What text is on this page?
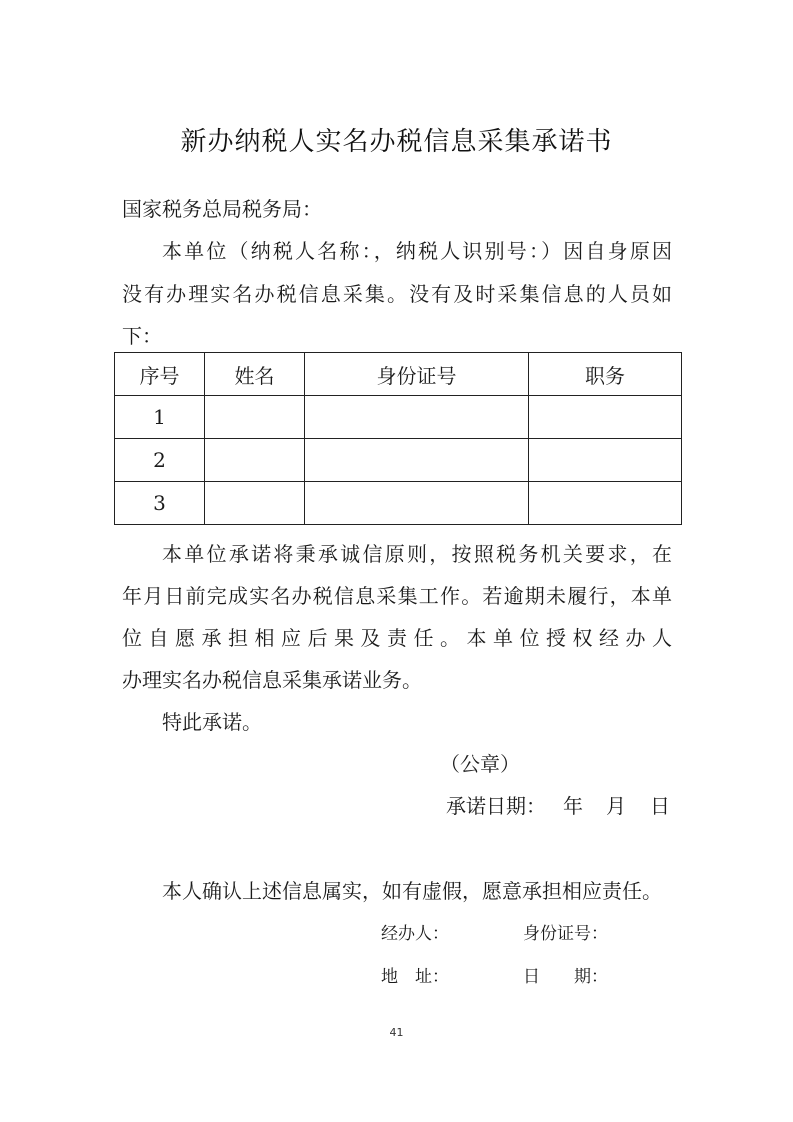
新办纳税人实名办税信息采集承诺书
国家税务总局税务局：
本单位（纳税人名称：，纳税人识别号：）因自身原因
没有办理实名办税信息采集。没有及时采集信息的人员如
下：
序号	姓名	身份证号	职务
1			
2			
3			
本单位承诺将秉承诚信原则，按照税务机关要求，在
年月日前完成实名办税信息采集工作。若逾期未履行，本单
位自愿承担相应后果及责任。本单位授权经办人
办理实名办税信息采集承诺业务。
特此承诺。
（公章）
承诺日期： 年 月 日
本人确认上述信息属实，如有虚假，愿意承担相应责任。
经办人：	身份证号：
地　址：	日　　期：
41
